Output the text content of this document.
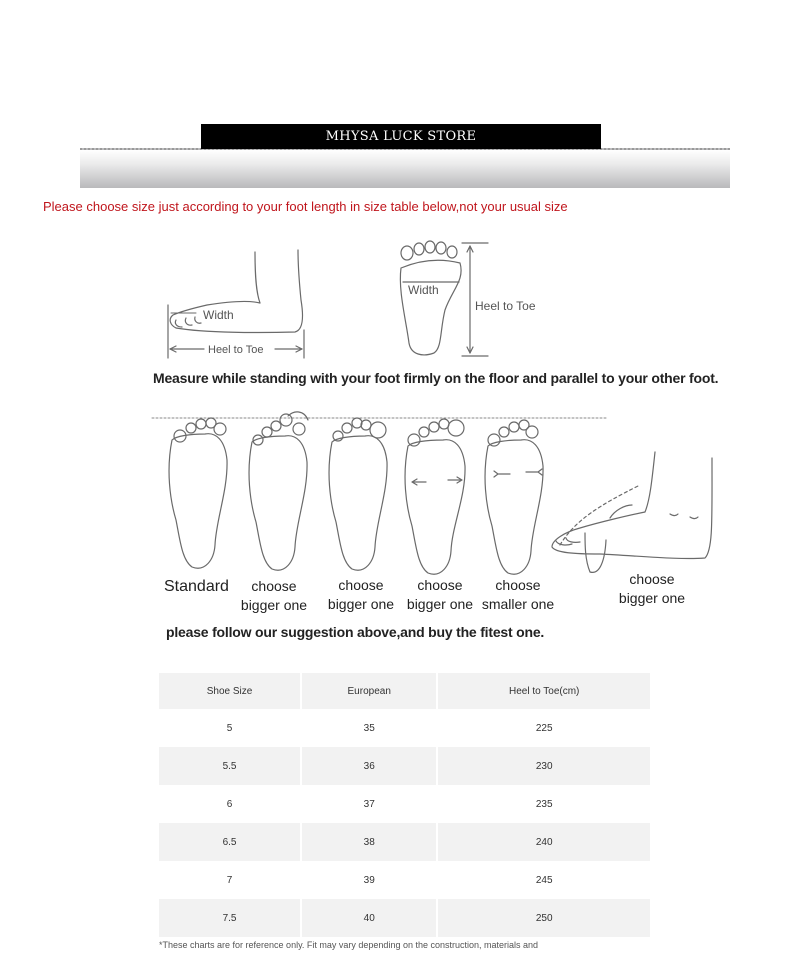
MHYSA LUCK STORE
Please choose size just according to your foot length in size table below,not your usual size
Width
Heel to Toe
Width
Heel to Toe
Measure while standing with your foot firmly on the floor and parallel to your other foot.
Standard	choose
bigger one
choose
bigger one
choose
bigger one
choose
smaller one
choose
bigger one
please follow our suggestion above,and buy the fitest one.
Shoe Size	European	Heel to Toe(cm)
5	35	225
5.5	36	230
6	37	235
6.5	38	240
7	39	245
7.5	40	250
*These charts are for reference only. Fit may vary depending on the construction, materials and
